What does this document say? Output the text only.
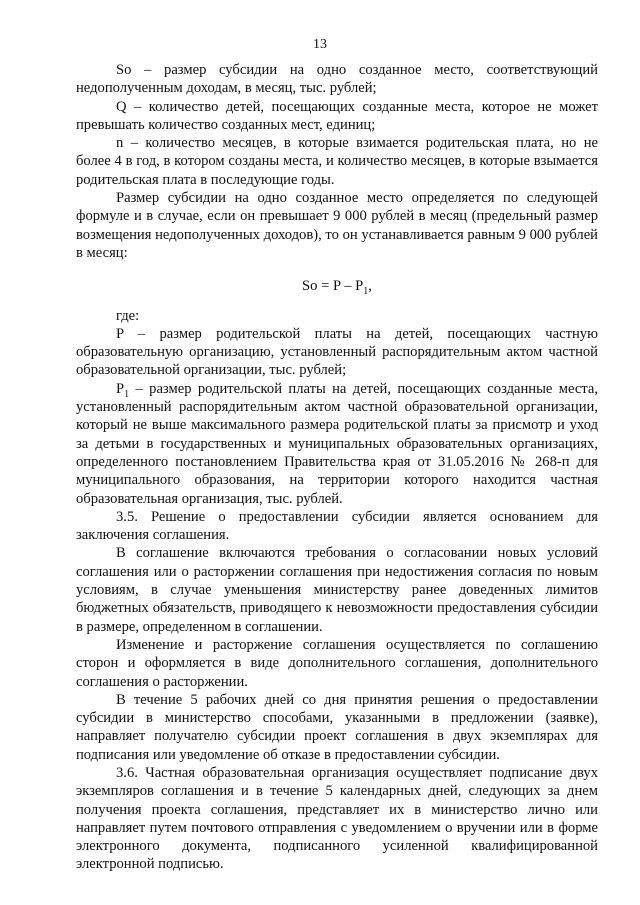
13

So – размер субсидии на одно созданное место, соответствующий недополученным доходам, в месяц, тыс. рублей;

Q – количество детей, посещающих созданные места, которое не может превышать количество созданных мест, единиц;

n – количество месяцев, в которые взимается родительская плата, но не более 4 в год, в котором созданы места, и количество месяцев, в которые взымается родительская плата в последующие годы.

Размер субсидии на одно созданное место определяется по следующей формуле и в случае, если он превышает 9 000 рублей в месяц (предельный размер возмещения недополученных доходов), то он устанавливается равным 9 000 рублей в месяц:

$So = P - P_1$,

где:

P – размер родительской платы на детей, посещающих частную образовательную организацию, установленный распорядительным актом частной образовательной организации, тыс. рублей;

$P_1$ – размер родительской платы на детей, посещающих созданные места, установленный распорядительным актом частной образовательной организации, который не выше максимального размера родительской платы за присмотр и уход за детьми в государственных и муниципальных образовательных организациях, определенного постановлением Правительства края от 31.05.2016 № 268-п для муниципального образования, на территории которого находится частная образовательная организация, тыс. рублей.

3.5. Решение о предоставлении субсидии является основанием для заключения соглашения.

В соглашение включаются требования о согласовании новых условий соглашения или о расторжении соглашения при недостижения согласия по новым условиям, в случае уменьшения министерству ранее доведенных лимитов бюджетных обязательств, приводящего к невозможности предоставления субсидии в размере, определенном в соглашении.

Изменение и расторжение соглашения осуществляется по соглашению сторон и оформляется в виде дополнительного соглашения, дополнительного соглашения о расторжении.

В течение 5 рабочих дней со дня принятия решения о предоставлении субсидии в министерство способами, указанными в предложении (заявке), направляет получателю субсидии проект соглашения в двух экземплярах для подписания или уведомление об отказе в предоставлении субсидии.

3.6. Частная образовательная организация осуществляет подписание двух экземпляров соглашения и в течение 5 календарных дней, следующих за днем получения проекта соглашения, представляет их в министерство лично или направляет путем почтового отправления с уведомлением о вручении или в форме электронного документа, подписанного усиленной квалифицированной электронной подписью.
